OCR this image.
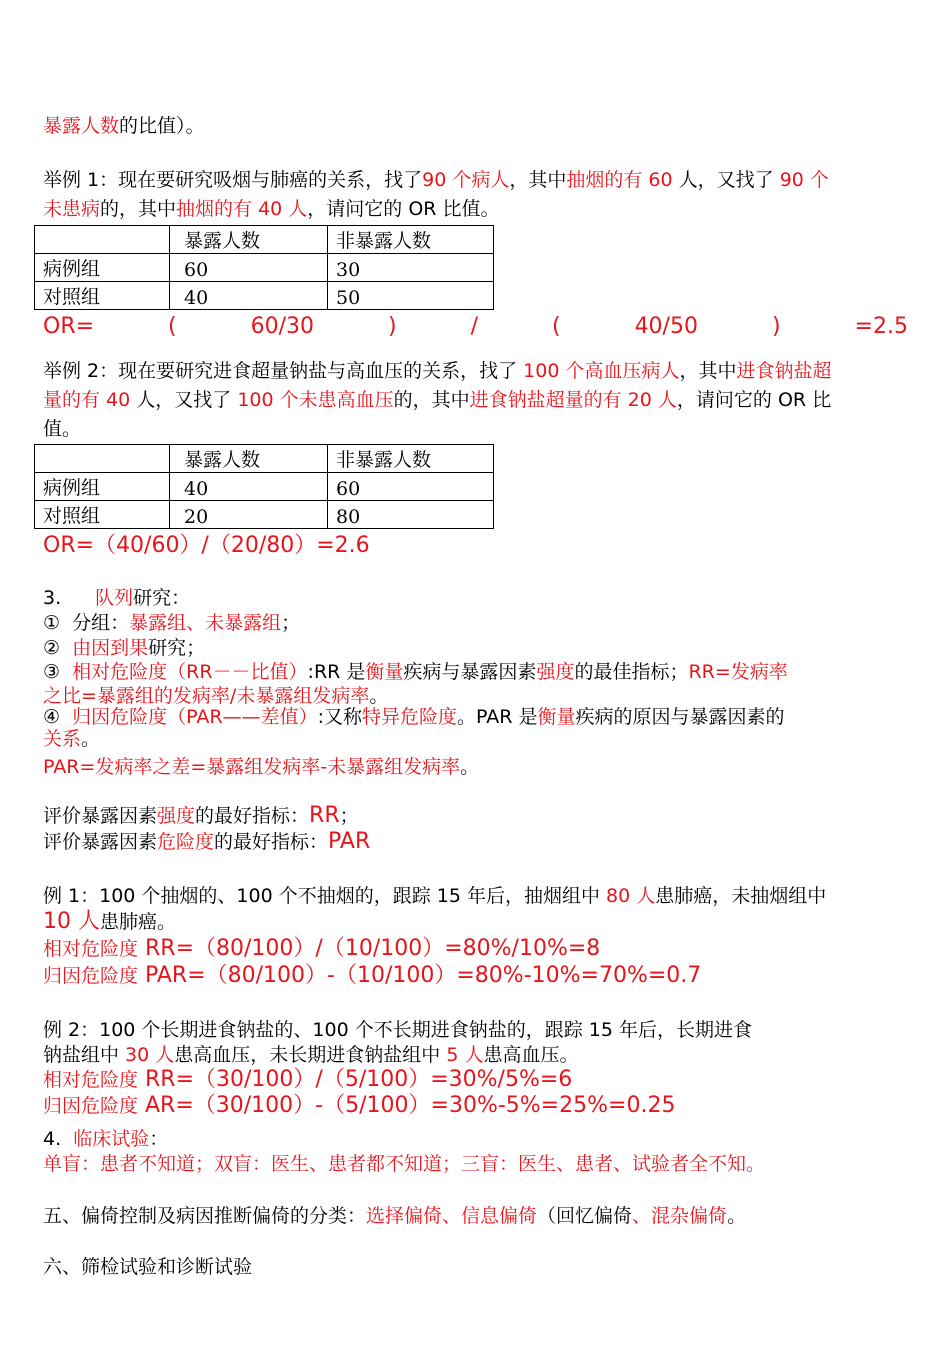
暴露人数的比值）。
举例 1：现在要研究吸烟与肺癌的关系，找了90 个病人，其中抽烟的有 60 人，又找了 90 个
未患病的，其中抽烟的有 40 人，请问它的 OR 比值。
	暴露人数	非暴露人数
病例组	60	30
对照组	40	50
OR=	(	60/30	)	/	(	40/50	)	=2.5
举例 2：现在要研究进食超量钠盐与高血压的关系，找了 100 个高血压病人，其中进食钠盐超
量的有 40 人，又找了 100 个未患高血压的，其中进食钠盐超量的有 20 人，请问它的 OR 比
值。
	暴露人数	非暴露人数
病例组	40	60
对照组	20	80
OR=（40/60）/（20/80）=2.6
3. 队列研究：
① 分组：暴露组、未暴露组；
② 由因到果研究；
③ 相对危险度（RR－－比值）:RR 是衡量疾病与暴露因素强度的最佳指标；RR=发病率
之比=暴露组的发病率/未暴露组发病率。
④ 归因危险度（PAR——差值）:又称特异危险度。PAR 是衡量疾病的原因与暴露因素的
关系。
PAR=发病率之差=暴露组发病率-未暴露组发病率。
评价暴露因素强度的最好指标：RR；
评价暴露因素危险度的最好指标：PAR
例 1：100 个抽烟的、100 个不抽烟的，跟踪 15 年后，抽烟组中 80 人患肺癌，未抽烟组中
10 人患肺癌。
相对危险度 RR=（80/100）/（10/100）=80%/10%=8
归因危险度 PAR=（80/100）-（10/100）=80%-10%=70%=0.7
例 2：100 个长期进食钠盐的、100 个不长期进食钠盐的，跟踪 15 年后，长期进食
钠盐组中 30 人患高血压，未长期进食钠盐组中 5 人患高血压。
相对危险度 RR=（30/100）/（5/100）=30%/5%=6
归因危险度 AR=（30/100）-（5/100）=30%-5%=25%=0.25
4. 临床试验：
单盲：患者不知道；双盲：医生、患者都不知道；三盲：医生、患者、试验者全不知。
五、偏倚控制及病因推断偏倚的分类：选择偏倚、信息偏倚（回忆偏倚、混杂偏倚。
六、筛检试验和诊断试验
